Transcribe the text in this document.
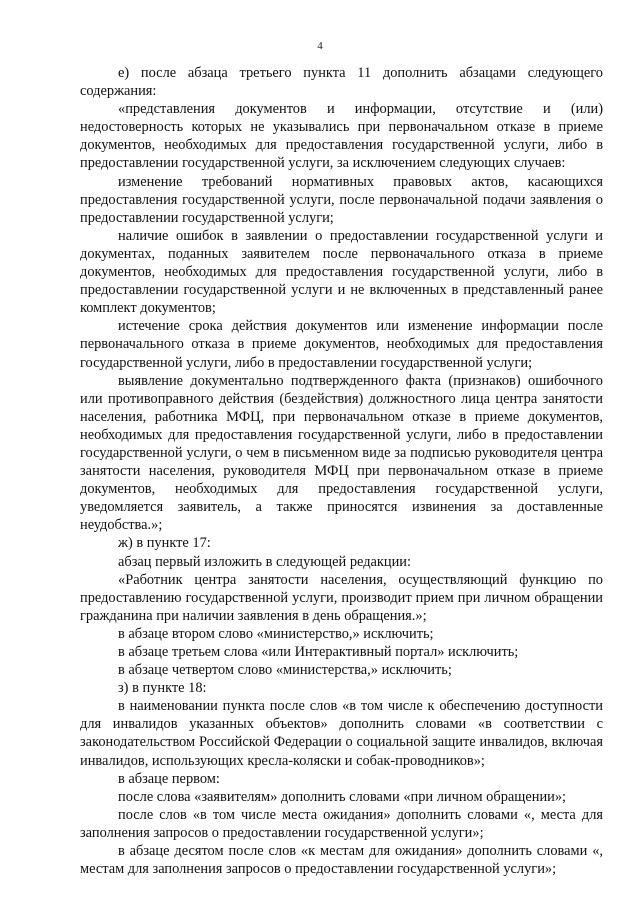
4

е) после абзаца третьего пункта 11 дополнить абзацами следующего содержания:

«представления документов и информации, отсутствие и (или) недостоверность которых не указывались при первоначальном отказе в приеме документов, необходимых для предоставления государственной услуги, либо в предоставлении государственной услуги, за исключением следующих случаев:

изменение требований нормативных правовых актов, касающихся предоставления государственной услуги, после первоначальной подачи заявления о предоставлении государственной услуги;

наличие ошибок в заявлении о предоставлении государственной услуги и документах, поданных заявителем после первоначального отказа в приеме документов, необходимых для предоставления государственной услуги, либо в предоставлении государственной услуги и не включенных в представленный ранее комплект документов;

истечение срока действия документов или изменение информации после первоначального отказа в приеме документов, необходимых для предоставления государственной услуги, либо в предоставлении государственной услуги;

выявление документально подтвержденного факта (признаков) ошибочного или противоправного действия (бездействия) должностного лица центра занятости населения, работника МФЦ, при первоначальном отказе в приеме документов, необходимых для предоставления государственной услуги, либо в предоставлении государственной услуги, о чем в письменном виде за подписью руководителя центра занятости населения, руководителя МФЦ при первоначальном отказе в приеме документов, необходимых для предоставления государственной услуги, уведомляется заявитель, а также приносятся извинения за доставленные неудобства.»;

ж) в пункте 17:

абзац первый изложить в следующей редакции:

«Работник центра занятости населения, осуществляющий функцию по предоставлению государственной услуги, производит прием при личном обращении гражданина при наличии заявления в день обращения.»;

в абзаце втором слово «министерство,» исключить;

в абзаце третьем слова «или Интерактивный портал» исключить;

в абзаце четвертом слово «министерства,» исключить;

з) в пункте 18:

в наименовании пункта после слов «в том числе к обеспечению доступности для инвалидов указанных объектов» дополнить словами «в соответствии с законодательством Российской Федерации о социальной защите инвалидов, включая инвалидов, использующих кресла-коляски и собак-проводников»;

в абзаце первом:

после слова «заявителям» дополнить словами «при личном обращении»;

после слов «в том числе места ожидания» дополнить словами «, места для заполнения запросов о предоставлении государственной услуги»;

в абзаце десятом после слов «к местам для ожидания» дополнить словами «, местам для заполнения запросов о предоставлении государственной услуги»;
